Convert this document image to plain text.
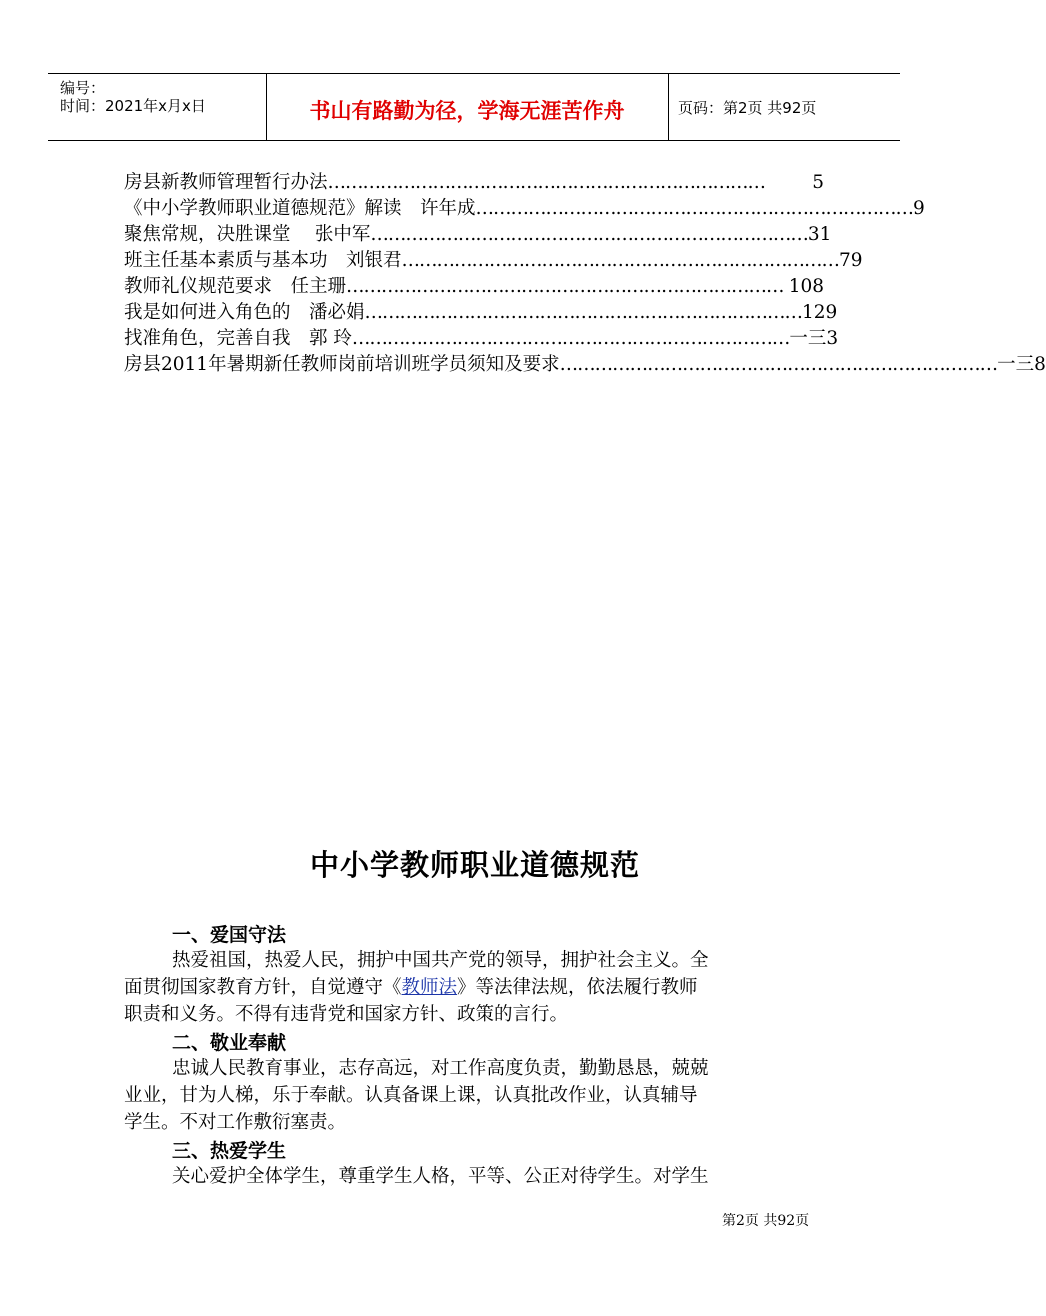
编号：
时间：2021年x月x日	书山有路勤为径，学海无涯苦作舟	页码：第2页 共92页
房县新教师管理暂行办法 …………………………………………………………………	5
《中小学教师职业道德规范》解读　许年成 ………………………………………………………………… 9
聚焦常规，决胜课堂　 张中军 ………………………………………………………………… 31
班主任基本素质与基本功　刘银君 ………………………………………………………………… 79
教师礼仪规范要求　任主珊 ………………………………………………………………… 108
我是如何进入角色的　潘必娟 ………………………………………………………………… 129
找准角色，完善自我　郭 玲 ………………………………………………………………… 一三3
房县2011年暑期新任教师岗前培训班学员须知及要求 ………………………………………………………………… 一三8
中小学教师职业道德规范
一、爱国守法
热爱祖国，热爱人民，拥护中国共产党的领导，拥护社会主义。全
面贯彻国家教育方针，自觉遵守《教师法》等法律法规，依法履行教师
职责和义务。不得有违背党和国家方针、政策的言行。
二、敬业奉献
忠诚人民教育事业，志存高远，对工作高度负责，勤勤恳恳，兢兢
业业，甘为人梯，乐于奉献。认真备课上课，认真批改作业，认真辅导
学生。不对工作敷衍塞责。
三、热爱学生
关心爱护全体学生，尊重学生人格，平等、公正对待学生。对学生
第2页 共92页
